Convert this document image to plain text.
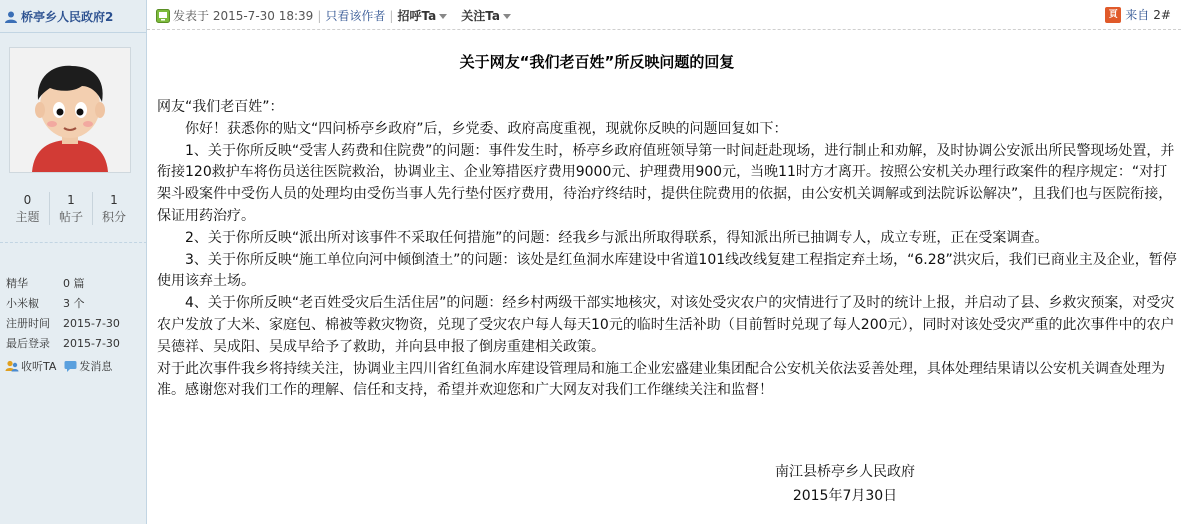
桥亭乡人民政府2
0
主题
1
帖子
1
积分
精华	0 篇
小米椒	3 个
注册时间	2015-7-30
最后登录	2015-7-30
收听TA 发消息
发表于 2015-7-30 18:39 | 只看该作者 | 招呼Ta 关注Ta	頁 来自 2#
关于网友“我们老百姓”所反映问题的回复

网友“我们老百姓”：

你好！获悉你的贴文“四问桥亭乡政府”后，乡党委、政府高度重视，现就你反映的问题回复如下：

1、关于你所反映“受害人药费和住院费”的问题：事件发生时，桥亭乡政府值班领导第一时间赶赴现场，进行制止和劝解，及时协调公安派出所民警现场处置，并衔接120救护车将伤员送往医院救治，协调业主、企业筹措医疗费用9000元、护理费用900元，当晚11时方才离开。按照公安机关办理行政案件的程序规定：“对打架斗殴案件中受伤人员的处理均由受伤当事人先行垫付医疗费用，待治疗终结时，提供住院费用的依据，由公安机关调解或到法院诉讼解决”，且我们也与医院衔接，保证用药治疗。

2、关于你所反映“派出所对该事件不采取任何措施”的问题：经我乡与派出所取得联系，得知派出所已抽调专人，成立专班，正在受案调查。

3、关于你所反映“施工单位向河中倾倒渣土”的问题：该处是红鱼洞水库建设中省道101线改线复建工程指定弃土场，“6.28”洪灾后，我们已商业主及企业，暂停使用该弃土场。

4、关于你所反映“老百姓受灾后生活住居”的问题：经乡村两级干部实地核灾，对该处受灾农户的灾情进行了及时的统计上报，并启动了县、乡救灾预案，对受灾农户发放了大米、家庭包、棉被等救灾物资，兑现了受灾农户每人每天10元的临时生活补助（目前暂时兑现了每人200元），同时对该处受灾严重的此次事件中的农户吴德祥、吴成阳、吴成早给予了救助，并向县申报了倒房重建相关政策。

对于此次事件我乡将持续关注，协调业主四川省红鱼洞水库建设管理局和施工企业宏盛建业集团配合公安机关依法妥善处理，具体处理结果请以公安机关调查处理为准。感谢您对我们工作的理解、信任和支持，希望并欢迎您和广大网友对我们工作继续关注和监督！

南江县桥亭乡人民政府
2015年7月30日
